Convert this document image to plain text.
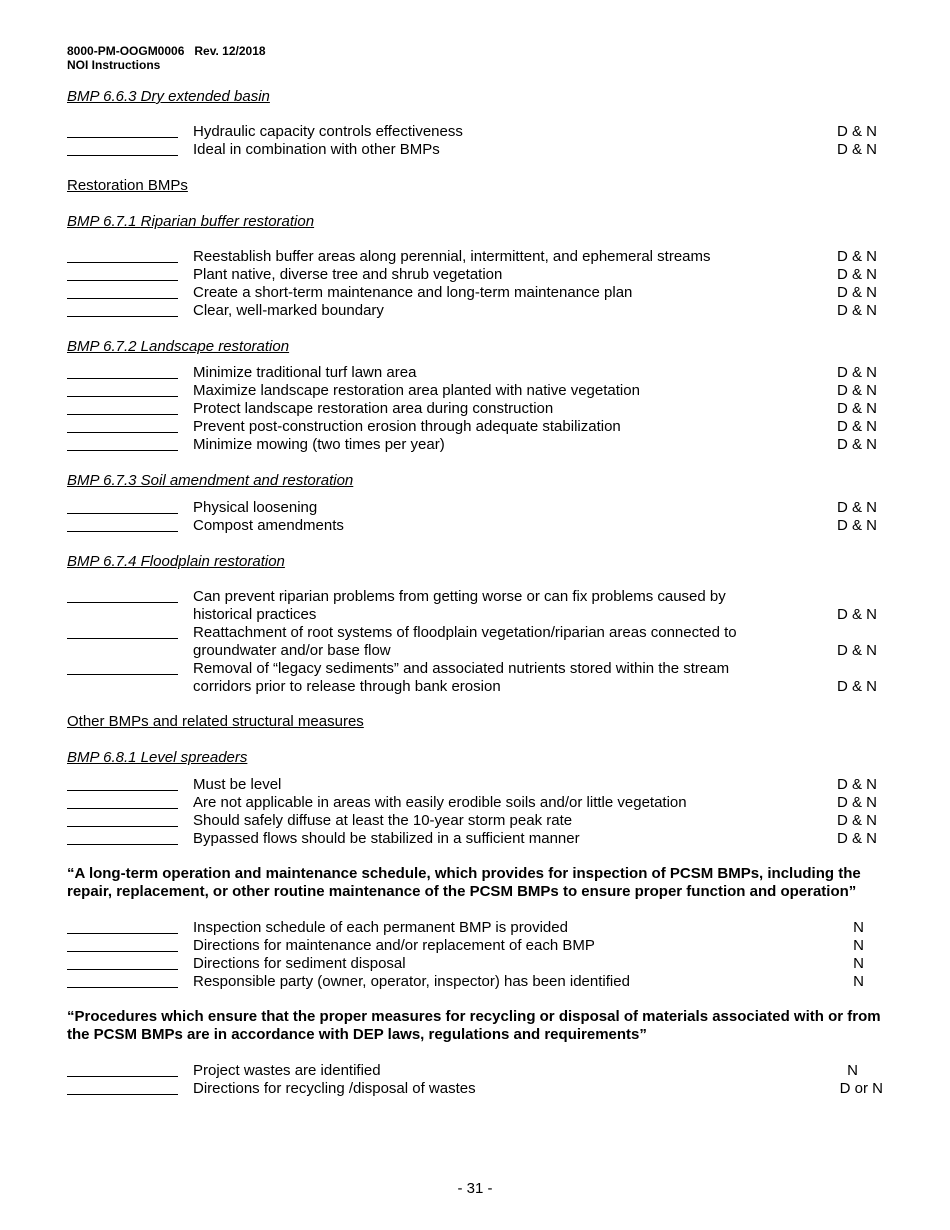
8000-PM-OOGM0006 Rev. 12/2018
NOI Instructions
BMP 6.6.3 Dry extended basin
Hydraulic capacity controls effectiveness	D & N
Ideal in combination with other BMPs	D & N
Restoration BMPs
BMP 6.7.1 Riparian buffer restoration
Reestablish buffer areas along perennial, intermittent, and ephemeral streams	D & N
Plant native, diverse tree and shrub vegetation	D & N
Create a short-term maintenance and long-term maintenance plan	D & N
Clear, well-marked boundary	D & N
BMP 6.7.2 Landscape restoration
Minimize traditional turf lawn area	D & N
Maximize landscape restoration area planted with native vegetation	D & N
Protect landscape restoration area during construction	D & N
Prevent post-construction erosion through adequate stabilization	D & N
Minimize mowing (two times per year)	D & N
BMP 6.7.3 Soil amendment and restoration
Physical loosening	D & N
Compost amendments	D & N
BMP 6.7.4 Floodplain restoration
Can prevent riparian problems from getting worse or can fix problems caused by
historical practices	D & N
Reattachment of root systems of floodplain vegetation/riparian areas connected to
groundwater and/or base flow	D & N
Removal of “legacy sediments” and associated nutrients stored within the stream
corridors prior to release through bank erosion	D & N
Other BMPs and related structural measures
BMP 6.8.1 Level spreaders
Must be level	D & N
Are not applicable in areas with easily erodible soils and/or little vegetation	D & N
Should safely diffuse at least the 10-year storm peak rate	D & N
Bypassed flows should be stabilized in a sufficient manner	D & N
“A long-term operation and maintenance schedule, which provides for inspection of PCSM BMPs, including the repair, replacement, or other routine maintenance of the PCSM BMPs to ensure proper function and operation”
Inspection schedule of each permanent BMP is provided	N
Directions for maintenance and/or replacement of each BMP	N
Directions for sediment disposal	N
Responsible party (owner, operator, inspector) has been identified	N
“Procedures which ensure that the proper measures for recycling or disposal of materials associated with or from the PCSM BMPs are in accordance with DEP laws, regulations and requirements”
Project wastes are identified	N
Directions for recycling /disposal of wastes	D or N
- 31 -
